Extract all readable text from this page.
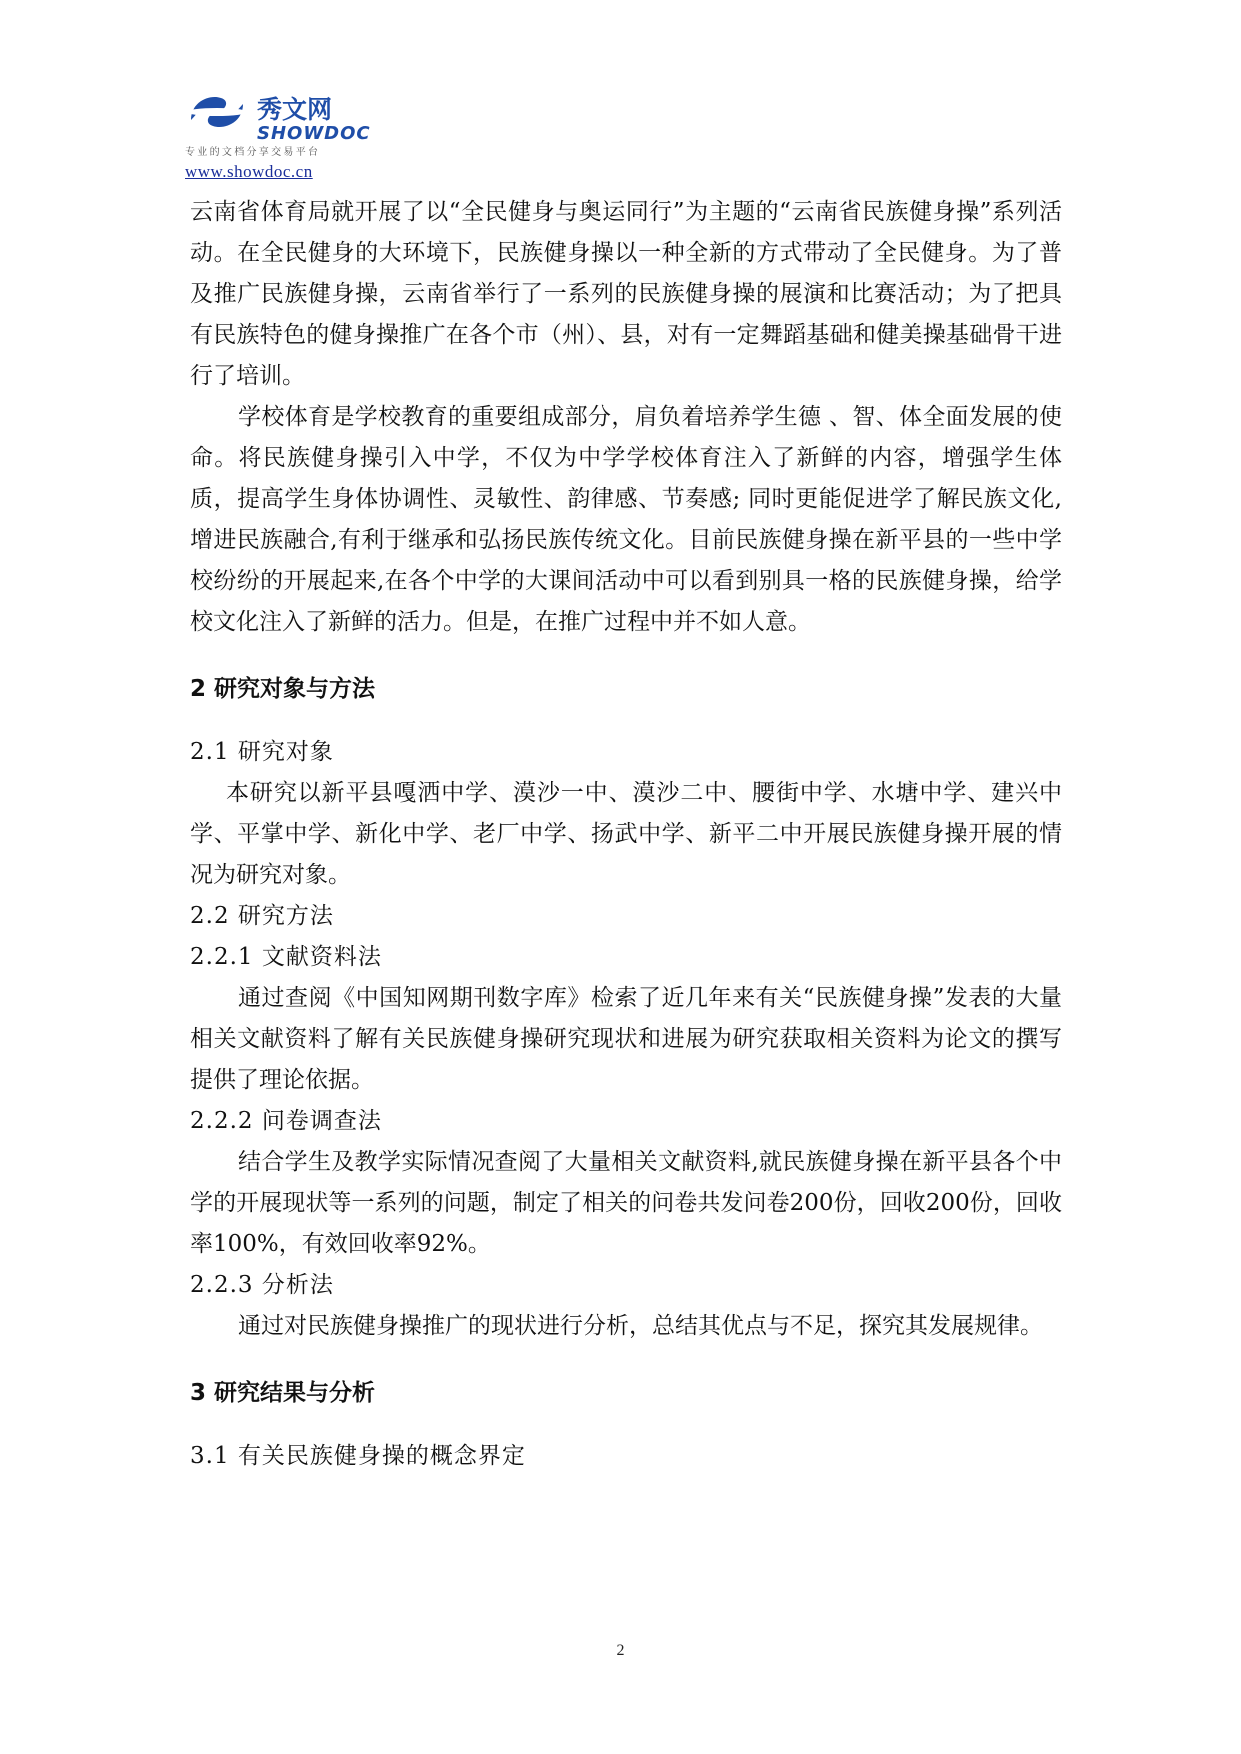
秀文网
SHOWDOC
专业的文档分享交易平台
www.showdoc.cn

云南省体育局就开展了以“全民健身与奥运同行”为主题的“云南省民族健身操”系列活动。在全民健身的大环境下，民族健身操以一种全新的方式带动了全民健身。为了普及推广民族健身操，云南省举行了一系列的民族健身操的展演和比赛活动；为了把具有民族特色的健身操推广在各个市（州）、县，对有一定舞蹈基础和健美操基础骨干进行了培训。

学校体育是学校教育的重要组成部分，肩负着培养学生德 、智、体全面发展的使命。将民族健身操引入中学，不仅为中学学校体育注入了新鲜的内容，增强学生体质，提高学生身体协调性、灵敏性、韵律感、节奏感; 同时更能促进学了解民族文化,增进民族融合,有利于继承和弘扬民族传统文化。目前民族健身操在新平县的一些中学校纷纷的开展起来,在各个中学的大课间活动中可以看到别具一格的民族健身操，给学校文化注入了新鲜的活力。但是，在推广过程中并不如人意。

2 研究对象与方法

2.1 研究对象

本研究以新平县嘎洒中学、漠沙一中、漠沙二中、腰街中学、水塘中学、建兴中学、平掌中学、新化中学、老厂中学、扬武中学、新平二中开展民族健身操开展的情况为研究对象。

2.2 研究方法

2.2.1 文献资料法

通过查阅《中国知网期刊数字库》检索了近几年来有关“民族健身操”发表的大量相关文献资料了解有关民族健身操研究现状和进展为研究获取相关资料为论文的撰写提供了理论依据。

2.2.2 问卷调查法

结合学生及教学实际情况查阅了大量相关文献资料,就民族健身操在新平县各个中学的开展现状等一系列的问题，制定了相关的问卷共发问卷200份，回收200份，回收率100%，有效回收率92%。

2.2.3 分析法

通过对民族健身操推广的现状进行分析，总结其优点与不足，探究其发展规律。

3 研究结果与分析

3.1 有关民族健身操的概念界定

2
